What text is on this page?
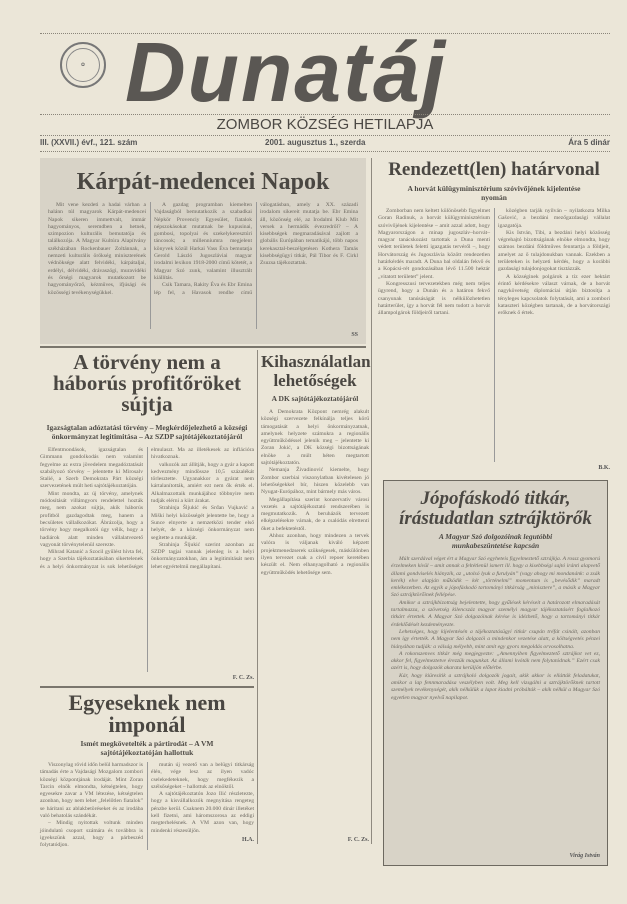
✿ Dunatáj
ZOMBOR KÖZSÉG HETILAPJA
III. (XXVII.) évf., 121. szám	2001. augusztus 1., szerda	Ára 5 dinár
Kárpát-medencei Napok

Mit vene kezdeti a hadai várban a halánn túl magyarok Kárpát-medencei Napok sikeren immettvalt, immár hagyományos, seremdben a hetnek, szimpozion kulturális bemutatója és találkozója. A Magyar Kultúra Alapítvány székházában Rockenbauer Zoltánnak, a nemzeti kulturális örökség miniszterének védnöksége alatt felvidéki, kárpátaljai, erdélyi, délvidéki, drávaszögi, muravidéki és őrségi magyarok mutatkozott be hagyományőrző, kézműves, ifjúsági és közösségi tevékenységükkel.

A gazdag programban kiemelten Vajdaságból bemutatkozik a szabadkai Népkör Provenciy Egyesület, fiatalok népszokásokat mutatnak be kupusinai, gombosi, topolyai és szekelykeresztúri táncosok; a millenniumra megjelent könyvek közül Harkai Vass Éva bemutatja Gerold László Jugoszláviai magyar irodalmi lexikon 1918-2000 című kötetét, a Magyar Szó zunk, valamint illusztrált kiállítás.

Csik Tamara, Rakity Éva és Ebr Emina lép fel, a Havasok rendhe című válogatásban, amely a XX. századi irodalom sikereit mutatja be. Ebr Emina áll, közönség elé, az Irodalmi Klub Mit versek a hermádik évezredről? – A kisebbségek megmaradásával zajlott a globális Európában tematikájú, több napos kerekasztal-beszélgetésen Kothera Tamás kisebbségügyi titkár, Pál Tibor és F. Cirkl Zsuzsa tájékoztattak.

SS
A törvény nem a háborús profitőröket sújtja
Igazságtalan adóztatási törvény – Megkérdőjelezhető a községi önkormányzat legitimitása – Az SZDP sajtótájékoztatójáról

Elfentmondások, igazságtalan és Gimmann gondolkodás nem valamint fegyelme az extra jövedelem megadóztatását szabályozó törvény – jelentette ki Mirosalv Stalié, a Szerb Demokrata Párt községi szervezetének múlt heti sajtótájékoztatóján.

Mint mondta, az új törvény, amelynek módosítását villámgyors rendelettel hozták meg, nem azokat sújtja, akik háborús profitból gazdagodtak meg, hanem a becsületes vállalkozókat. Ábrázolja, hogy a törvény hogy megalkotói úgy vélik, hogy a hadiárok alatt minden vállalatvezető vagyonát törvénytelenül szerezte.

Mihrad Katanić a Szocil gyűlést hívta fel, hogy a Szerbia tájékoztatásában sikertelenek és a helyi önkormányzat is sok lehetőséget elmulaszt. Ma az illetékesek az inflációra hivatkoznak.

valkozók azt állítják, hogy a gyár a kapott kedvezmény mindössze 10,5 százalékát törlesztette. Ugyanakkor a gyárat nem kártalanították, amiért ezt nem ők érték el. Alkalmazottaik munkájához többnyire nem tudják elérni a kiirt árakat.

Strahinja Šljukić és Srđan Vujkavić a Miški helyi közösségét jelentette be, hogy a Sunce elnyerte a nemzetközi tender első helyét, de a községi önkormányzat nem segítette a munkáját.

Strahinja Šljukić szerint azonban az SZDP tagjai vannak jelenleg is a helyi önkormányzatokban, ám a legitimitását nem lehet egyértelmű megállapítani.

F. C. Zs.
Egyeseknek nem imponál
Ismét megkövetelték a pártirodát – A VM sajtótájékoztatóján hallottuk

Viszonylag rövid időn belül harmadszor is támadás érte a Vajdasági Mozgalom zombori községi központjának irodáját. Mint Zoran Tarcin elnök elmondta, kétségtelen, hogy egyesekre zavar a VM létezése, kétségtelen azonban, hogy nem lehet „felelőtlen fiatalok” se hárítani az ablakbetöréseket és az irodába való behatolás szándékát.

– Mindig nyitottak voltunk minden jóindulatú csoport számára és továbbra is igyekszünk azzal, hogy a párbeszéd folytatódjon.

mután új vezető van a belügyi titkárság élén, vége lesz az ilyen vadóc cselekedeteknek, hogy megfékezik a szélsőségeket – hallottuk az elnöktől.

A sajtótájékoztatón Jozo Ilić részletezte, hogy a kisvállalkozók megnyitása rengeteg pénzbe kerül. Csaknem 20.000 dinár illetéket kell fizetni, ami háromszorosa az eddigi megterhelésnek. A VM azon van, hogy mindenki részesüljön.

H.A.
Kihasználatlan lehetőségek
A DK sajtótájékoztatójáról

A Demokrata Központ nemrég alakult községi szervezete felkínálja teljes körű támogatását a helyi önkormányzatnak, amelynek helyzete számukra a regionális együttműködéssel jelenik meg – jelentette ki Zoran Jokić, a DK községi bizottságának elnöke a múlt héten megtartott sajtótájékoztatón.

Nemanja Živadinović kiemelte, hogy Zombor szerbiai viszonylatban kivételesen jó lehetőségekkel bír, hiszen közelebb van Nyugat-Európához, mint bármely más város.

Megállapítása szerint konzervatív városi vezetés a sajtótájékoztató rendszerében is megmutatkozik. A beruházók tervezett elképzelésekre várnak, de a csalódás elrettenti őket a befektetéstől.

Ahhoz azonban, hogy mindezen a tervek valóra is váljanak kiváló képzett projektmenedzserek szükségesek, máskülönben ilyen tervezet csak a civil repoer keretében készült el. Nem elhanyagolható a regionális együttműködés lehetősége sem.

F. C. Zs.
Rendezett(len) határvonal
A horvát külügyminisztérium szóvivőjének kijelentése nyomán

Zomborban nem keltett különösebb figyelmet Goran Radinuk, a horvát külügyminisztérium szóvivőjének kijelentése – amit azzal adott, hogy Magyarországon a minap jugoszláv–horvát–magyar tanácskozást tartottak a Duna menti védett területek felettí igazgatás tervéről –, hogy Horvátország és Jugoszlávia között rendezetlen határkérdés maradt. A Duna bal oldalán fekvő és a Kopácsi-rét gondozásában lévő 11.500 hektár „vitatott területet” jelent.

Kongresszusi tervezetekben még nem teljes ügyrend, hogy a Dunán és a határon fekvő csanyunak tanúsáságát is nélkülözhetetlen határterület, így a horvát fél nem tudott a horvát állampolgárok földjeiről tartani.

közégben tarják nyilván – nyilatkozta Milka Gašović, a bezdáni mezőgazdasági vállalat igazgatója.

Kis István, Tibi, a bezdáni helyi közösség végrehajtó bizottságának elnöke elmondta, hogy számos bezdáni földműves fenntartja a földjeit, amelyet az ő tulajdonukban vannak. Ezekben a területeken is helyzeti kérdés, hogy a korábbi gazdasági tulajdonjogokat tisztázzák.

A községinek polgárok a tíz ezer hektárt érintő kérdésekre választ várnak, de a horvát nagykövetség diplomáciai útján biztosítja a tényleges kapcsolatok folytatását, ami a zombori kataszteri közégben tartanak, de a horvátországi erőknek ő értek.

B.K.
Jópofáskodó titkár, írástudatlan sztrájktörők
A Magyar Szó dolgozóinak legutóbbi munkabeszüntetése kapcsán

Múlt szerdával véget ért a Magyar Szó egyheteis figyelmeztető sztrájkja. A rossz gyomorú érzelmeken kívül – amit annak a feltétlenül ismert ill. hogy a kisebbségi sajtó iránti alapvető állami gondviselés hiányzik, az „utolsó lyuk a furulyán” (vagy ahogy mi mondanánk: a zsák kerék) elve alapján működik – két „történelmi” momentum is „bevésődik” maradt emlékezetben. Az egyik a jópofáskodó tartományi titkárság „minisztere”, a másik a Magyar Szó sztrájktörőinek fellépése.

Amikor a sztrájkbizottság bejelentette, hogy gyűlések kéréseit a határozott elmaradását tartalmazza, a szövetség kilencszáz magyar személyi magyar tájékoztatásért foglalkozó titkárt értettek. A Magyar Szó dolgozóinak kérése is idézhető, hogy a tartományi titkár érdeklődését kezdeményezte.

Lehetséges, hogy kijelentésén a tájékoztatásügyi titkár csupán tréfát csinált, azonban nem így értették. A Magyar Szó dolgozói a mindenkor vezetése alatt, a költségvetés pénzei hiányában tudják: a válság mélyebb, mint amit egy gyors megoldás orvosolhatna.

A rokonszenves titkár még megjegyezte: „Amennyiben figyelmeztető sztrájkot vet ez, akkor fel, figyelmeztetve érezzük magunkat. Az állami kvóták nem folytatódnak.” Ezért csak azért is, hogy dolgozók akarata kerüljön előtérbe.

Kár, hogy kiüresítik a sztrájkoló dolgozók jogait, akik akkor is ellátták feladatukat, amikor a lap fennmaradása veszélyben volt. Meg kell vizsgálni a sztrájktörőknek tartott személyek tevékenységét, akik nélkülük a lapot kiadni próbálták – akik nélkül a Magyar Szó egyetlen magyar nyelvű napilapot.

Virág István
